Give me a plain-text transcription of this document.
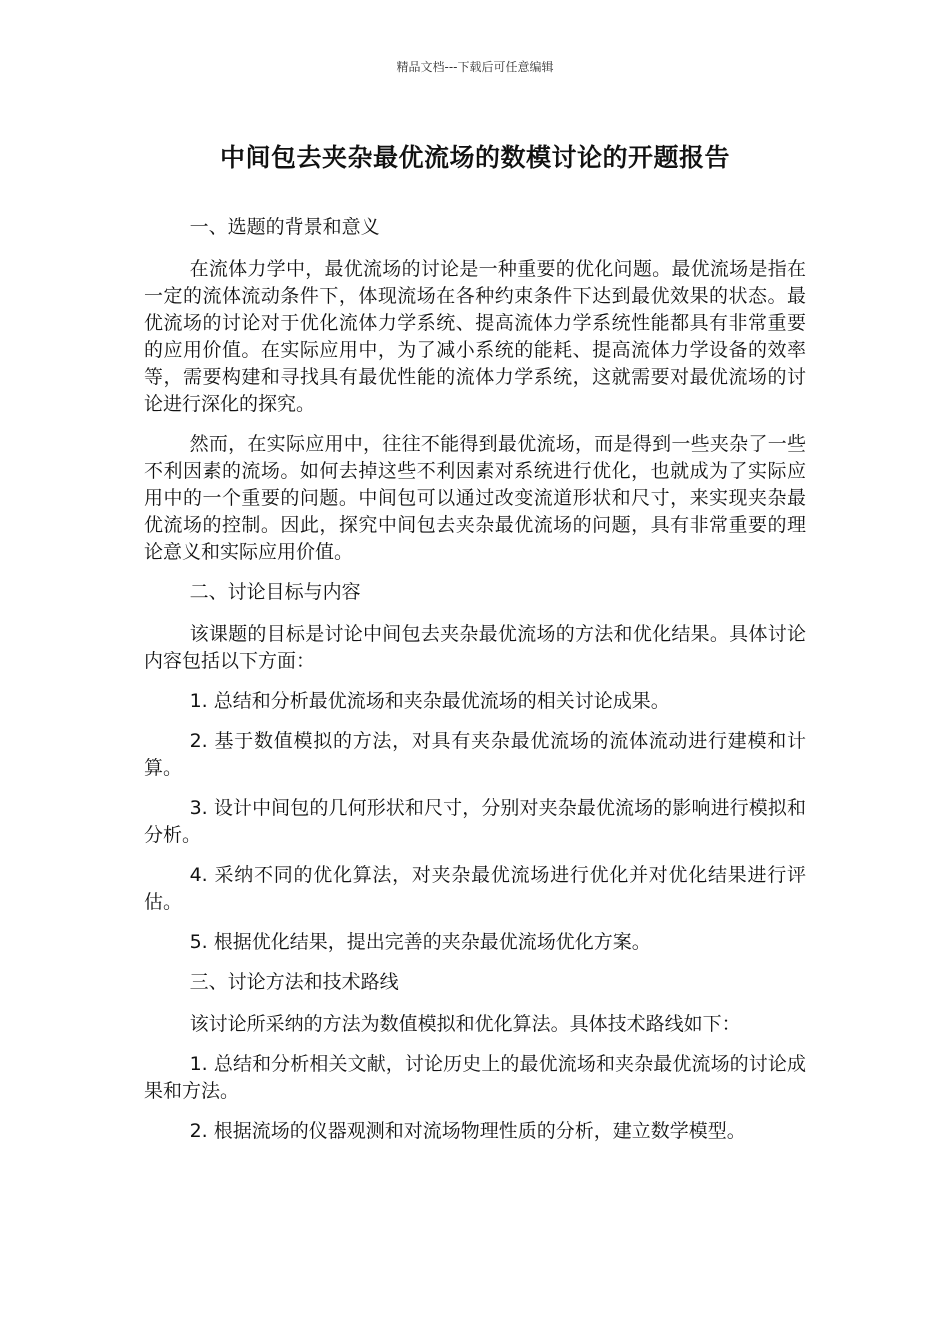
精品文档---下载后可任意编辑
中间包去夹杂最优流场的数模讨论的开题报告

一、选题的背景和意义

在流体力学中，最优流场的讨论是一种重要的优化问题。最优流场是指在一定的流体流动条件下，体现流场在各种约束条件下达到最优效果的状态。最优流场的讨论对于优化流体力学系统、提高流体力学系统性能都具有非常重要的应用价值。在实际应用中，为了减小系统的能耗、提高流体力学设备的效率等，需要构建和寻找具有最优性能的流体力学系统，这就需要对最优流场的讨论进行深化的探究。

然而，在实际应用中，往往不能得到最优流场，而是得到一些夹杂了一些不利因素的流场。如何去掉这些不利因素对系统进行优化，也就成为了实际应用中的一个重要的问题。中间包可以通过改变流道形状和尺寸，来实现夹杂最优流场的控制。因此，探究中间包去夹杂最优流场的问题，具有非常重要的理论意义和实际应用价值。

二、讨论目标与内容

该课题的目标是讨论中间包去夹杂最优流场的方法和优化结果。具体讨论内容包括以下方面：

1. 总结和分析最优流场和夹杂最优流场的相关讨论成果。

2. 基于数值模拟的方法，对具有夹杂最优流场的流体流动进行建模和计算。

3. 设计中间包的几何形状和尺寸，分别对夹杂最优流场的影响进行模拟和分析。

4. 采纳不同的优化算法，对夹杂最优流场进行优化并对优化结果进行评估。

5. 根据优化结果，提出完善的夹杂最优流场优化方案。

三、讨论方法和技术路线

该讨论所采纳的方法为数值模拟和优化算法。具体技术路线如下：

1. 总结和分析相关文献，讨论历史上的最优流场和夹杂最优流场的讨论成果和方法。

2. 根据流场的仪器观测和对流场物理性质的分析，建立数学模型。
